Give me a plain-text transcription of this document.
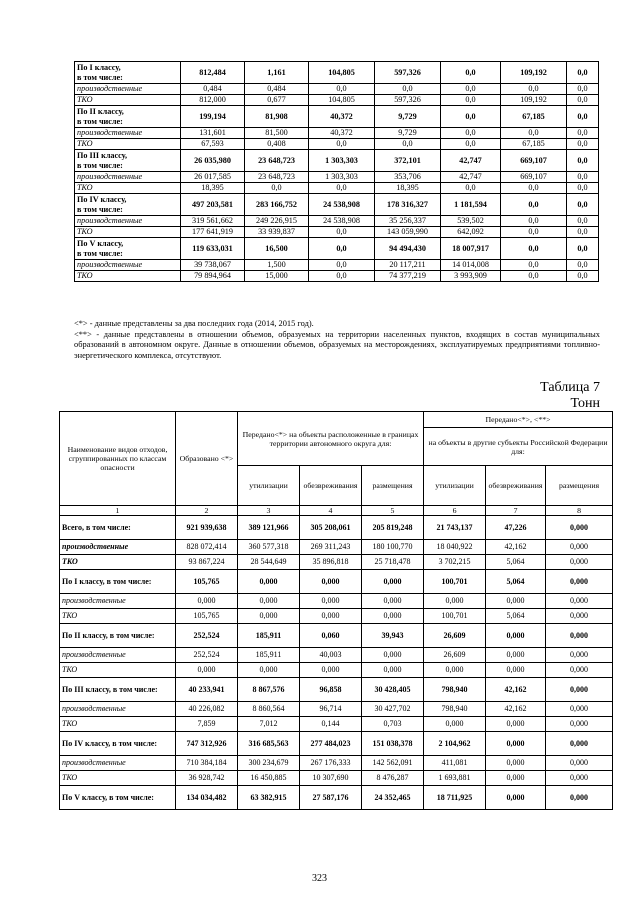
По I классу,
в том числе:	812,484	1,161	104,805	597,326	0,0	109,192	0,0
производственные	0,484	0,484	0,0	0,0	0,0	0,0	0,0
ТКО	812,000	0,677	104,805	597,326	0,0	109,192	0,0
По II классу,
в том числе:	199,194	81,908	40,372	9,729	0,0	67,185	0,0
производственные	131,601	81,500	40,372	9,729	0,0	0,0	0,0
ТКО	67,593	0,408	0,0	0,0	0,0	67,185	0,0
По III классу,
в том числе:	26 035,980	23 648,723	1 303,303	372,101	42,747	669,107	0,0
производственные	26 017,585	23 648,723	1 303,303	353,706	42,747	669,107	0,0
ТКО	18,395	0,0	0,0	18,395	0,0	0,0	0,0
По IV классу,
в том числе:	497 203,581	283 166,752	24 538,908	178 316,327	1 181,594	0,0	0,0
производственные	319 561,662	249 226,915	24 538,908	35 256,337	539,502	0,0	0,0
ТКО	177 641,919	33 939,837	0,0	143 059,990	642,092	0,0	0,0
По V классу,
в том числе:	119 633,031	16,500	0,0	94 494,430	18 007,917	0,0	0,0
производственные	39 738,067	1,500	0,0	20 117,211	14 014,008	0,0	0,0
ТКО	79 894,964	15,000	0,0	74 377,219	3 993,909	0,0	0,0

<*> - данные представлены за два последних года (2014, 2015 год).

<**> - данные представлены в отношении объемов, образуемых на территории населенных пунктов, входящих в состав муниципальных образований в автономном округе. Данные в отношении объемов, образуемых на месторождениях, эксплуатируемых предприятиями топливно-энергетического комплекса, отсутствуют.

Таблица 7
Тонн
Наименование видов отходов, сгруппированных по классам опасности	Образовано <*>	Передано<*> на объекты расположенные в границах территории автономного округа для:			Передано<*>, <**>		
					на объекты в другие субъекты Российской Федерации для:		
		утилизации	обезвреживания	размещения	утилизации	обезвреживания	размещения
1	2	3	4	5	6	7	8
Всего, в том числе:	921 939,638	389 121,966	305 208,061	205 819,248	21 743,137	47,226	0,000
производственные	828 072,414	360 577,318	269 311,243	180 100,770	18 040,922	42,162	0,000
ТКО	93 867,224	28 544,649	35 896,818	25 718,478	3 702,215	5,064	0,000
По I классу, в том числе:	105,765	0,000	0,000	0,000	100,701	5,064	0,000
производственные	0,000	0,000	0,000	0,000	0,000	0,000	0,000
ТКО	105,765	0,000	0,000	0,000	100,701	5,064	0,000
По II классу, в том числе:	252,524	185,911	0,060	39,943	26,609	0,000	0,000
производственные	252,524	185,911	40,003	0,000	26,609	0,000	0,000
ТКО	0,000	0,000	0,000	0,000	0,000	0,000	0,000
По III классу, в том числе:	40 233,941	8 867,576	96,858	30 428,405	798,940	42,162	0,000
производственные	40 226,082	8 860,564	96,714	30 427,702	798,940	42,162	0,000
ТКО	7,859	7,012	0,144	0,703	0,000	0,000	0,000
По IV классу, в том числе:	747 312,926	316 685,563	277 484,023	151 038,378	2 104,962	0,000	0,000
производственные	710 384,184	300 234,679	267 176,333	142 562,091	411,081	0,000	0,000
ТКО	36 928,742	16 450,885	10 307,690	8 476,287	1 693,881	0,000	0,000
По V классу, в том числе:	134 034,482	63 382,915	27 587,176	24 352,465	18 711,925	0,000	0,000
323
